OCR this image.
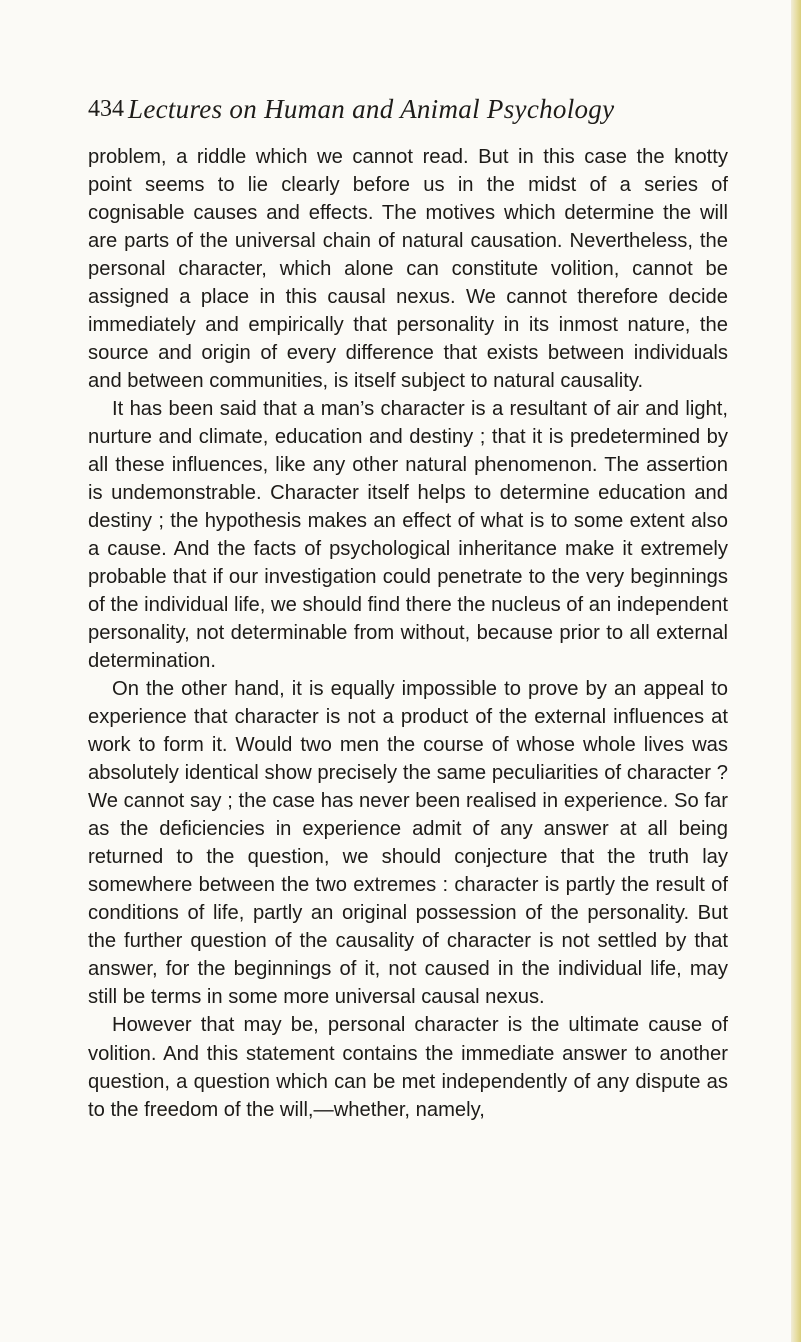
434 Lectures on Human and Animal Psychology

problem, a riddle which we cannot read. But in this case the knotty point seems to lie clearly before us in the midst of a series of cognisable causes and effects. The motives which determine the will are parts of the universal chain of natural causation. Nevertheless, the personal character, which alone can constitute volition, cannot be assigned a place in this causal nexus. We cannot therefore decide immediately and empirically that personality in its inmost nature, the source and origin of every difference that exists between individuals and between communities, is itself subject to natural causality.

It has been said that a man’s character is a resultant of air and light, nurture and climate, education and destiny ; that it is predetermined by all these influences, like any other natural phenomenon. The assertion is undemonstrable. Character itself helps to determine education and destiny ; the hypothesis makes an effect of what is to some extent also a cause. And the facts of psychological inheritance make it extremely probable that if our investigation could penetrate to the very beginnings of the individual life, we should find there the nucleus of an independent personality, not determinable from without, because prior to all external determination.

On the other hand, it is equally impossible to prove by an appeal to experience that character is not a product of the external influences at work to form it. Would two men the course of whose whole lives was absolutely identical show precisely the same peculiarities of character ? We cannot say ; the case has never been realised in experience. So far as the deficiencies in experience admit of any answer at all being returned to the question, we should conjecture that the truth lay somewhere between the two extremes : character is partly the result of conditions of life, partly an original possession of the personality. But the further question of the causality of character is not settled by that answer, for the beginnings of it, not caused in the individual life, may still be terms in some more universal causal nexus.

However that may be, personal character is the ultimate cause of volition. And this statement contains the immediate answer to another question, a question which can be met independently of any dispute as to the freedom of the will,—whether, namely,
